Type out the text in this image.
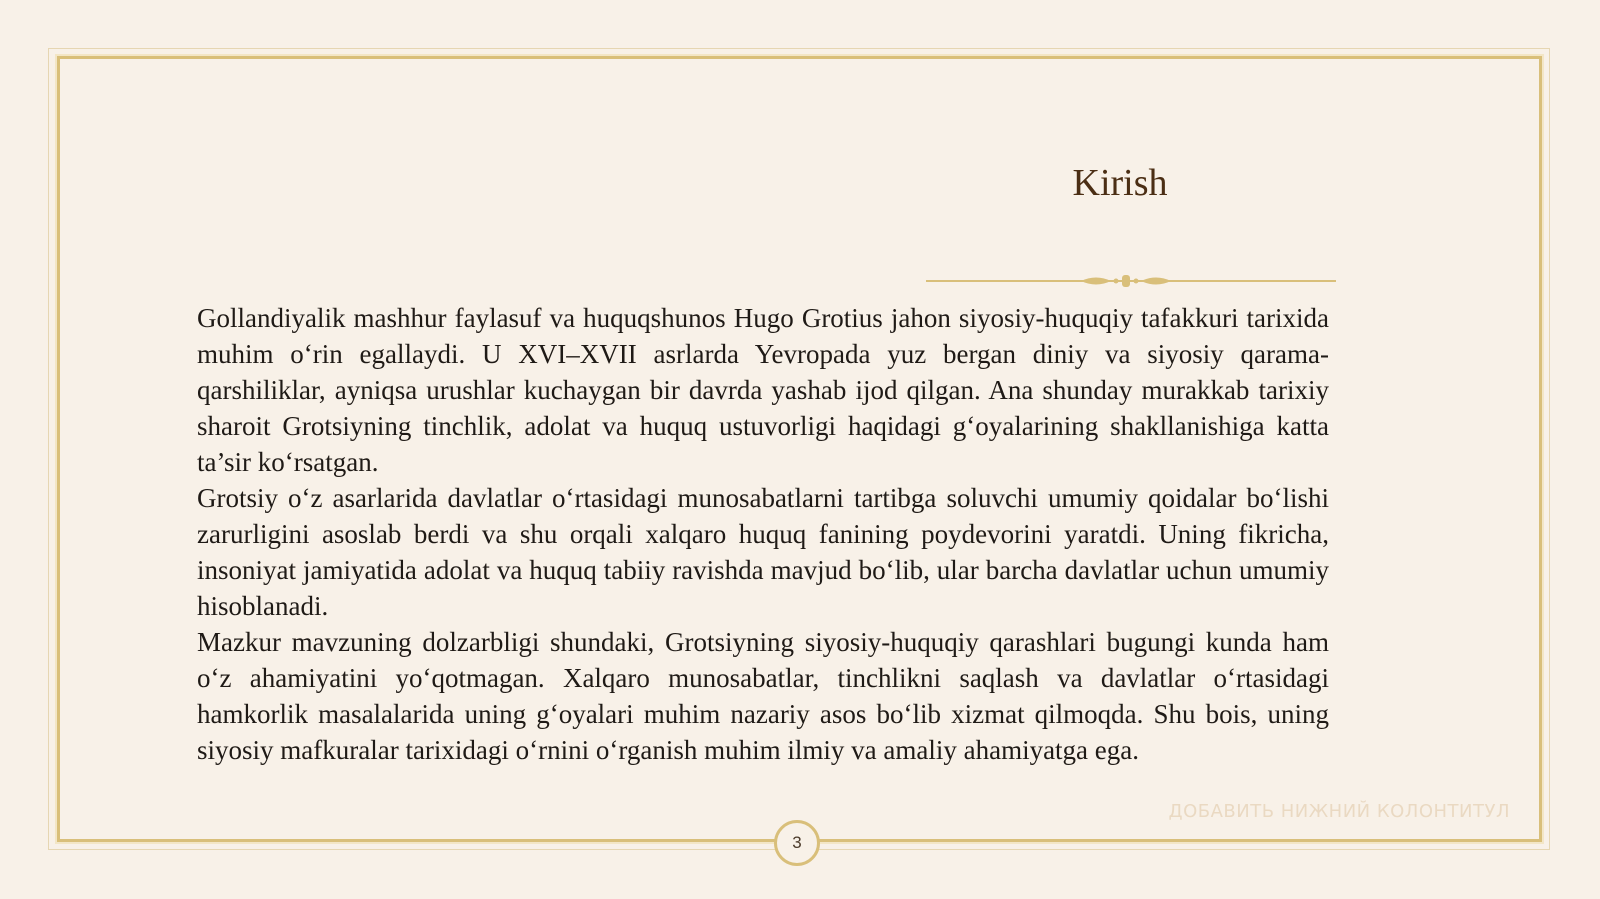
Kirish

Gollandiyalik mashhur faylasuf va huquqshunos Hugo Grotius jahon siyosiy-huquqiy tafakkuri tarixida muhim o‘rin egallaydi. U XVI–XVII asrlarda Yevropada yuz bergan diniy va siyosiy qarama-qarshiliklar, ayniqsa urushlar kuchaygan bir davrda yashab ijod qilgan. Ana shunday murakkab tarixiy sharoit Grotsiyning tinchlik, adolat va huquq ustuvorligi haqidagi g‘oyalarining shakllanishiga katta ta’sir ko‘rsatgan.

Grotsiy o‘z asarlarida davlatlar o‘rtasidagi munosabatlarni tartibga soluvchi umumiy qoidalar bo‘lishi zarurligini asoslab berdi va shu orqali xalqaro huquq fanining poydevorini yaratdi. Uning fikricha, insoniyat jamiyatida adolat va huquq tabiiy ravishda mavjud bo‘lib, ular barcha davlatlar uchun umumiy hisoblanadi.

Mazkur mavzuning dolzarbligi shundaki, Grotsiyning siyosiy-huquqiy qarashlari bugungi kunda ham o‘z ahamiyatini yo‘qotmagan. Xalqaro munosabatlar, tinchlikni saqlash va davlatlar o‘rtasidagi hamkorlik masalalarida uning g‘oyalari muhim nazariy asos bo‘lib xizmat qilmoqda. Shu bois, uning siyosiy mafkuralar tarixidagi o‘rnini o‘rganish muhim ilmiy va amaliy ahamiyatga ega.

ДОБАВИТЬ НИЖНИЙ КОЛОНТИТУЛ
3
